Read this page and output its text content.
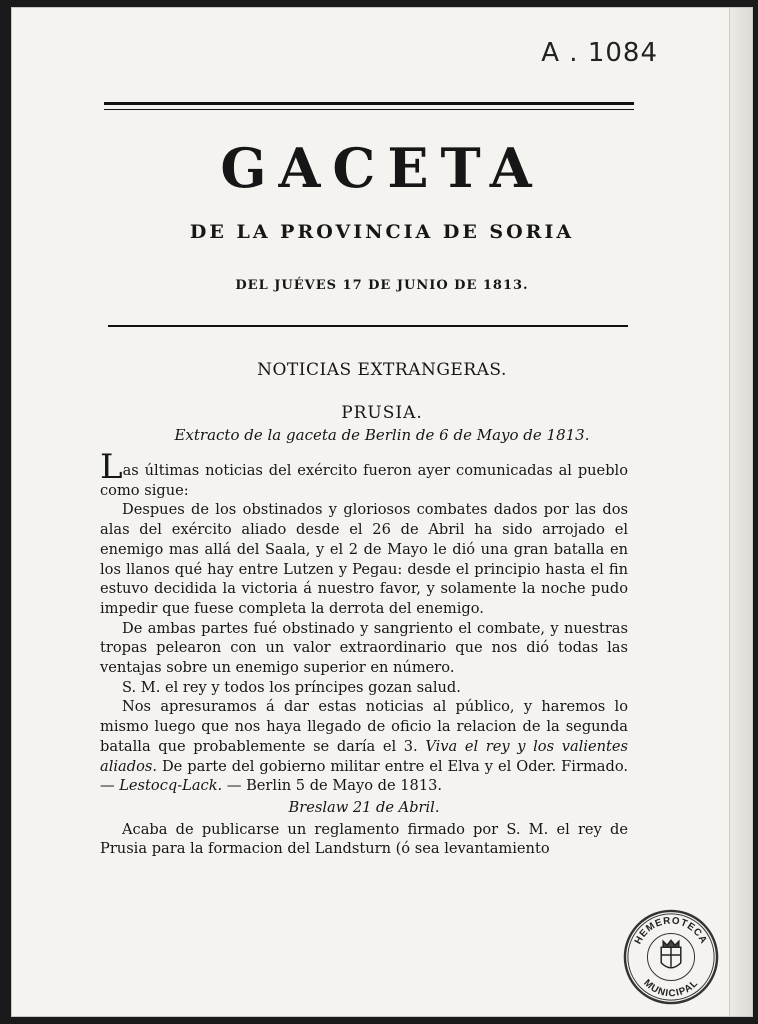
A . 1084
GACETA
DE LA PROVINCIA DE SORIA
DEL JUÉVES 17 DE JUNIO DE 1813.
NOTICIAS EXTRANGERAS.
PRUSIA.
Extracto de la gaceta de Berlin de 6 de Mayo de 1813.

Las últimas noticias del exército fueron ayer comunicadas al pueblo como sigue:

Despues de los obstinados y gloriosos combates dados por las dos alas del exército aliado desde el 26 de Abril ha sido arrojado el enemigo mas allá del Saala, y el 2 de Mayo le dió una gran batalla en los llanos qué hay entre Lutzen y Pegau: desde el principio hasta el fin estuvo decidida la victoria á nuestro favor, y solamente la noche pudo impedir que fuese completa la derrota del enemigo.

De ambas partes fué obstinado y sangriento el combate, y nuestras tropas pelearon con un valor extraordinario que nos dió todas las ventajas sobre un enemigo superior en número.

S. M. el rey y todos los príncipes gozan salud.

Nos apresuramos á dar estas noticias al público, y haremos lo mismo luego que nos haya llegado de oficio la relacion de la segunda batalla que probablemente se daría el 3. Viva el rey y los valientes aliados. De parte del gobierno militar entre el Elva y el Oder. Firmado. — Lestocq-Lack. — Berlin 5 de Mayo de 1813.

Breslaw 21 de Abril.

Acaba de publicarse un reglamento firmado por S. M. el rey de Prusia para la formacion del Landsturn (ó sea levantamiento

HEMEROTECA
MUNICIPAL
